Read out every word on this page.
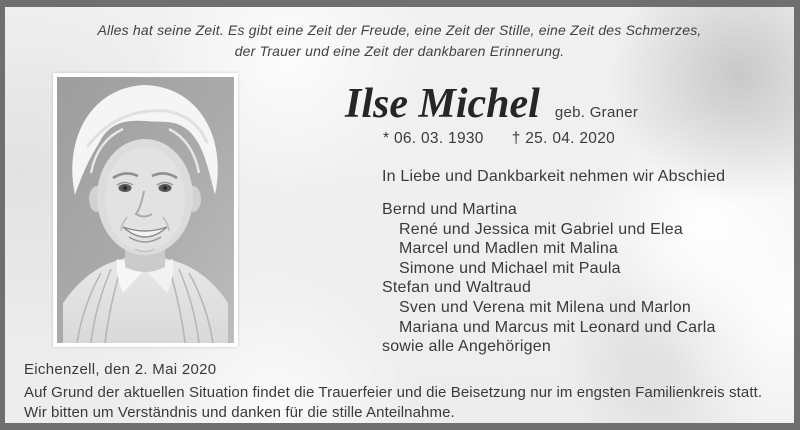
Alles hat seine Zeit. Es gibt eine Zeit der Freude, eine Zeit der Stille, eine Zeit des Schmerzes,
der Trauer und eine Zeit der dankbaren Erinnerung.
Ilse Michel geb. Graner
* 06. 03. 1930 † 25. 04. 2020
In Liebe und Dankbarkeit nehmen wir Abschied
Bernd und Martina
René und Jessica mit Gabriel und Elea
Marcel und Madlen mit Malina
Simone und Michael mit Paula
Stefan und Waltraud
Sven und Verena mit Milena und Marlon
Mariana und Marcus mit Leonard und Carla
sowie alle Angehörigen
Eichenzell, den 2. Mai 2020
Auf Grund der aktuellen Situation findet die Trauerfeier und die Beisetzung nur im engsten Familienkreis statt.
Wir bitten um Verständnis und danken für die stille Anteilnahme.
